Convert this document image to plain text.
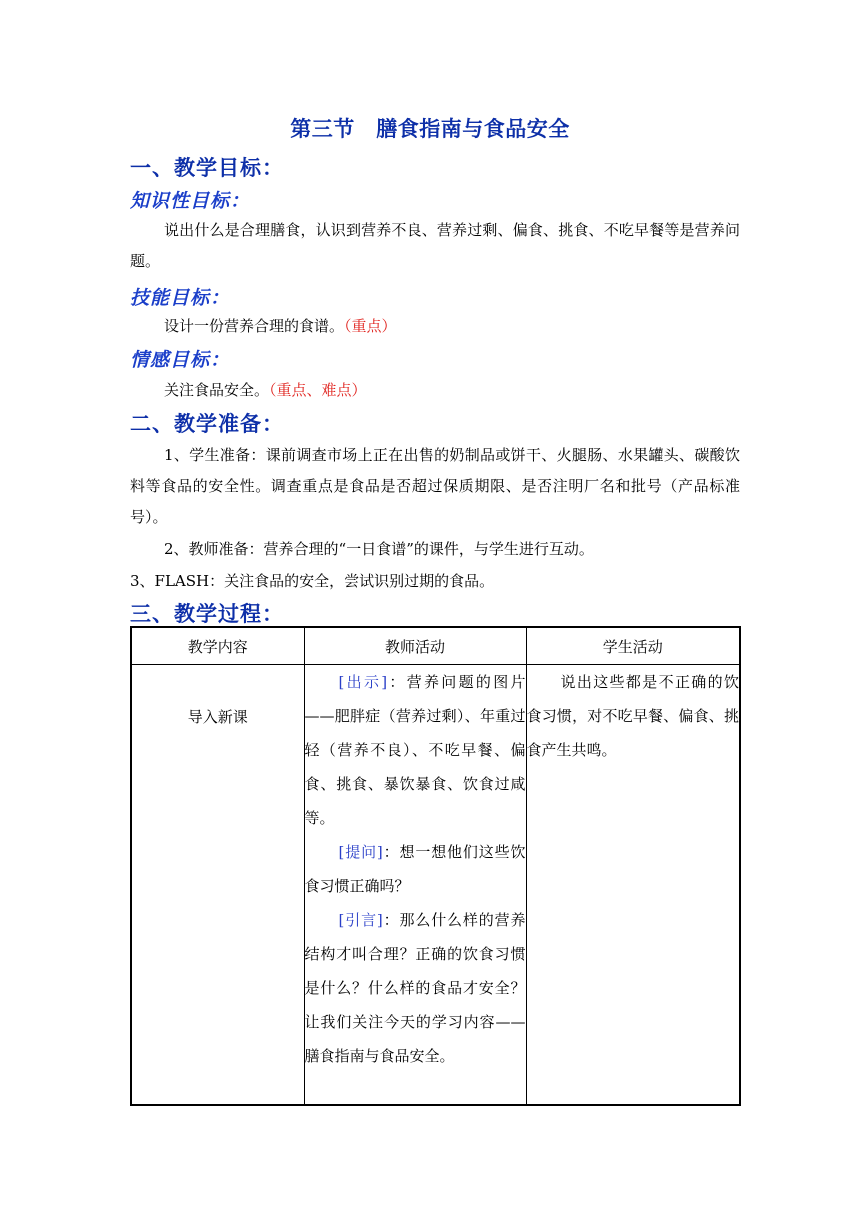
第三节　膳食指南与食品安全
一、教学目标：
知识性目标：
说出什么是合理膳食，认识到营养不良、营养过剩、偏食、挑食、不吃早餐等是营养问题。
技能目标：
设计一份营养合理的食谱。（重点）
情感目标：
关注食品安全。（重点、难点）
二、教学准备：
1、学生准备：课前调查市场上正在出售的奶制品或饼干、火腿肠、水果罐头、碳酸饮料等食品的安全性。调查重点是食品是否超过保质期限、是否注明厂名和批号（产品标准号）。
2、教师准备：营养合理的“一日食谱”的课件，与学生进行互动。
3、FLASH：关注食品的安全，尝试识别过期的食品。
三、教学过程：
教学内容	教师活动	学生活动

导入新课	[出示]：营养问题的图片——肥胖症（营养过剩）、年重过轻（营养不良）、不吃早餐、偏食、挑食、暴饮暴食、饮食过咸等。

[提问]：想一想他们这些饮食习惯正确吗？

[引言]：那么什么样的营养结构才叫合理？正确的饮食习惯是什么？什么样的食品才安全？让我们关注今天的学习内容——膳食指南与食品安全。	说出这些都是不正确的饮食习惯，对不吃早餐、偏食、挑食产生共鸣。
